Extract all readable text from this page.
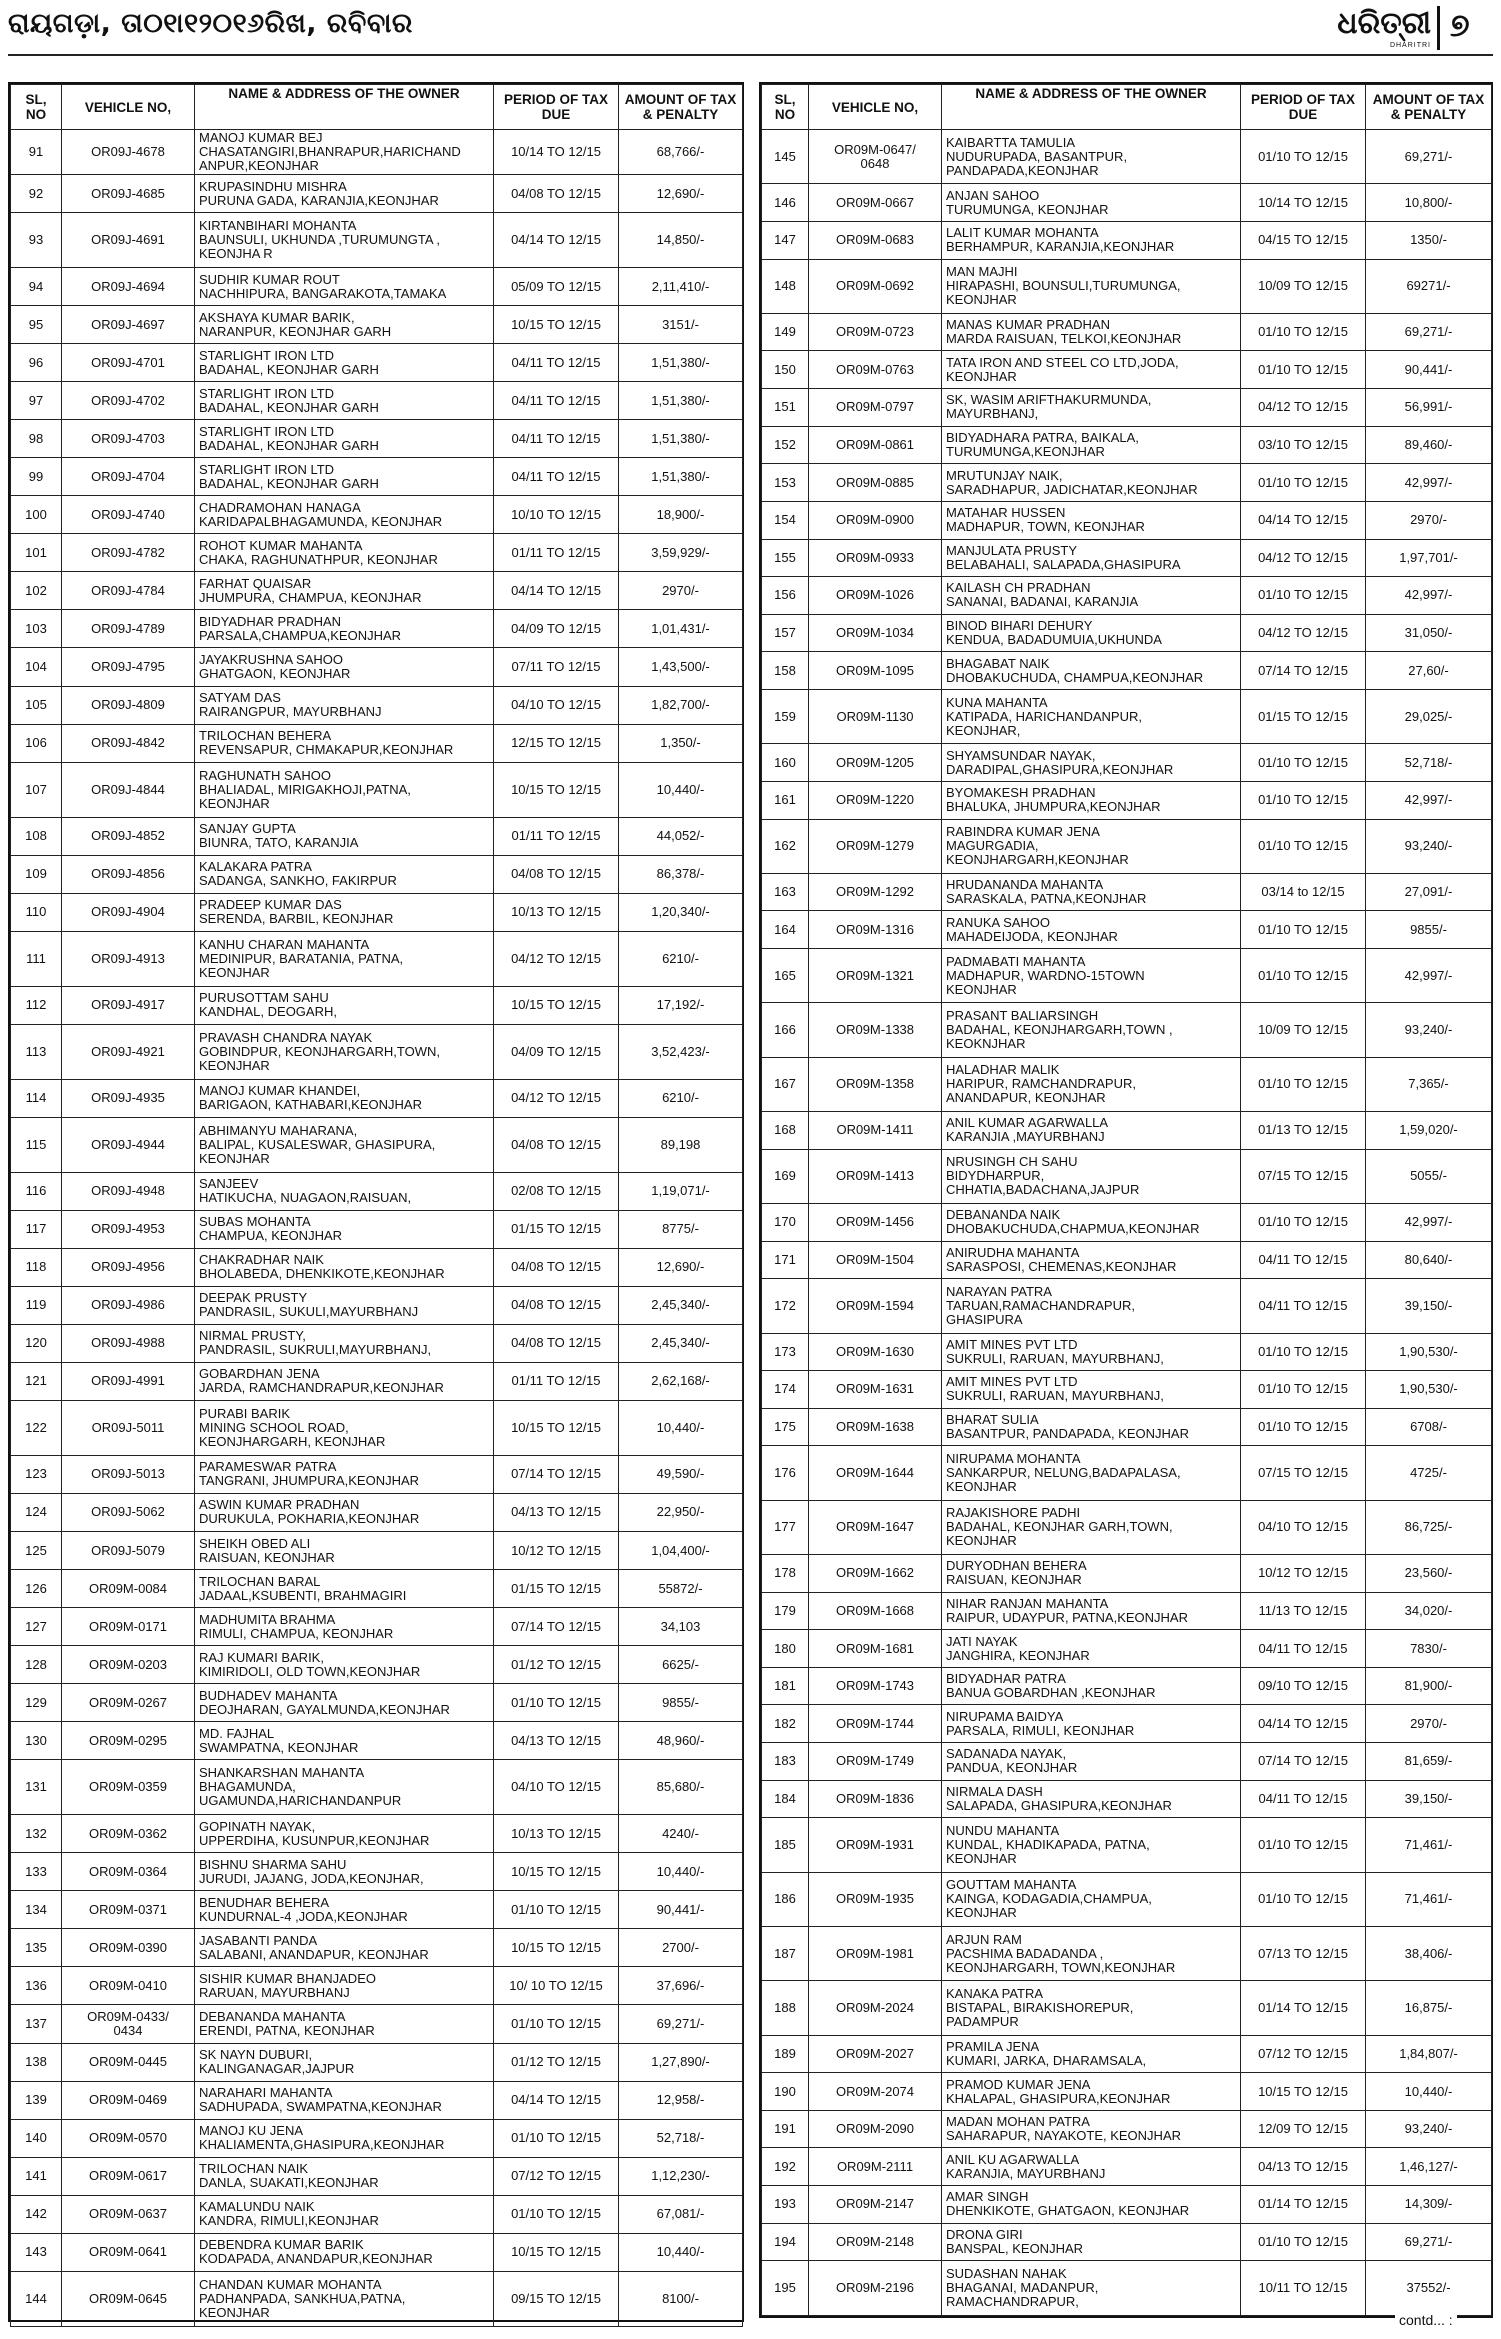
ରାୟଗଡ଼ା, ତା୦୧ା୧୨୦୧୬ରିଖ, ରବିବାର	ଧରିତ୍ରୀ
DHARITRI
୭
SL, NO	VEHICLE NO,	NAME & ADDRESS OF THE OWNER	PERIOD OF TAX DUE	AMOUNT OF TAX & PENALTY
91	OR09J-4678	MANOJ KUMAR BEJ
CHASATANGIRI,BHANRAPUR,HARICHAND ANPUR,KEONJHAR	10/14 TO 12/15	68,766/-
92	OR09J-4685	KRUPASINDHU MISHRA
PURUNA GADA, KARANJIA,KEONJHAR	04/08 TO 12/15	12,690/-
93	OR09J-4691	KIRTANBIHARI MOHANTA
BAUNSULI, UKHUNDA ,TURUMUNGTA ,
KEONJHA R	04/14 TO 12/15	14,850/-
94	OR09J-4694	SUDHIR KUMAR ROUT
NACHHIPURA, BANGARAKOTA,TAMAKA	05/09 TO 12/15	2,11,410/-
95	OR09J-4697	AKSHAYA KUMAR BARIK,
NARANPUR, KEONJHAR GARH	10/15 TO 12/15	3151/-
96	OR09J-4701	STARLIGHT IRON LTD
BADAHAL, KEONJHAR GARH	04/11 TO 12/15	1,51,380/-
97	OR09J-4702	STARLIGHT IRON LTD
BADAHAL, KEONJHAR GARH	04/11 TO 12/15	1,51,380/-
98	OR09J-4703	STARLIGHT IRON LTD
BADAHAL, KEONJHAR GARH	04/11 TO 12/15	1,51,380/-
99	OR09J-4704	STARLIGHT IRON LTD
BADAHAL, KEONJHAR GARH	04/11 TO 12/15	1,51,380/-
100	OR09J-4740	CHADRAMOHAN HANAGA
KARIDAPALBHAGAMUNDA, KEONJHAR	10/10 TO 12/15	18,900/-
101	OR09J-4782	ROHOT KUMAR MAHANTA
CHAKA, RAGHUNATHPUR, KEONJHAR	01/11 TO 12/15	3,59,929/-
102	OR09J-4784	FARHAT QUAISAR
JHUMPURA, CHAMPUA, KEONJHAR	04/14 TO 12/15	2970/-
103	OR09J-4789	BIDYADHAR PRADHAN
PARSALA,CHAMPUA,KEONJHAR	04/09 TO 12/15	1,01,431/-
104	OR09J-4795	JAYAKRUSHNA SAHOO
GHATGAON, KEONJHAR	07/11 TO 12/15	1,43,500/-
105	OR09J-4809	SATYAM DAS
RAIRANGPUR, MAYURBHANJ	04/10 TO 12/15	1,82,700/-
106	OR09J-4842	TRILOCHAN BEHERA
REVENSAPUR, CHMAKAPUR,KEONJHAR	12/15 TO 12/15	1,350/-
107	OR09J-4844	RAGHUNATH SAHOO
BHALIADAL, MIRIGAKHOJI,PATNA,
KEONJHAR	10/15 TO 12/15	10,440/-
108	OR09J-4852	SANJAY GUPTA
BIUNRA, TATO, KARANJIA	01/11 TO 12/15	44,052/-
109	OR09J-4856	KALAKARA PATRA
SADANGA, SANKHO, FAKIRPUR	04/08 TO 12/15	86,378/-
110	OR09J-4904	PRADEEP KUMAR DAS
SERENDA, BARBIL, KEONJHAR	10/13 TO 12/15	1,20,340/-
111	OR09J-4913	KANHU CHARAN MAHANTA
MEDINIPUR, BARATANIA, PATNA,
KEONJHAR	04/12 TO 12/15	6210/-
112	OR09J-4917	PURUSOTTAM SAHU
KANDHAL, DEOGARH,	10/15 TO 12/15	17,192/-
113	OR09J-4921	PRAVASH CHANDRA NAYAK
GOBINDPUR, KEONJHARGARH,TOWN,
KEONJHAR	04/09 TO 12/15	3,52,423/-
114	OR09J-4935	MANOJ KUMAR KHANDEI,
BARIGAON, KATHABARI,KEONJHAR	04/12 TO 12/15	6210/-
115	OR09J-4944	ABHIMANYU MAHARANA,
BALIPAL, KUSALESWAR, GHASIPURA,
KEONJHAR	04/08 TO 12/15	89,198
116	OR09J-4948	SANJEEV
HATIKUCHA, NUAGAON,RAISUAN,	02/08 TO 12/15	1,19,071/-
117	OR09J-4953	SUBAS MOHANTA
CHAMPUA, KEONJHAR	01/15 TO 12/15	8775/-
118	OR09J-4956	CHAKRADHAR NAIK
BHOLABEDA, DHENKIKOTE,KEONJHAR	04/08 TO 12/15	12,690/-
119	OR09J-4986	DEEPAK PRUSTY
PANDRASIL, SUKULI,MAYURBHANJ	04/08 TO 12/15	2,45,340/-
120	OR09J-4988	NIRMAL PRUSTY,
PANDRASIL, SUKRULI,MAYURBHANJ,	04/08 TO 12/15	2,45,340/-
121	OR09J-4991	GOBARDHAN JENA
JARDA, RAMCHANDRAPUR,KEONJHAR	01/11 TO 12/15	2,62,168/-
122	OR09J-5011	PURABI BARIK
MINING SCHOOL ROAD,
KEONJHARGARH, KEONJHAR	10/15 TO 12/15	10,440/-
123	OR09J-5013	PARAMESWAR PATRA
TANGRANI, JHUMPURA,KEONJHAR	07/14 TO 12/15	49,590/-
124	OR09J-5062	ASWIN KUMAR PRADHAN
DURUKULA, POKHARIA,KEONJHAR	04/13 TO 12/15	22,950/-
125	OR09J-5079	SHEIKH OBED ALI
RAISUAN, KEONJHAR	10/12 TO 12/15	1,04,400/-
126	OR09M-0084	TRILOCHAN BARAL
JADAAL,KSUBENTI, BRAHMAGIRI	01/15 TO 12/15	55872/-
127	OR09M-0171	MADHUMITA BRAHMA
RIMULI, CHAMPUA, KEONJHAR	07/14 TO 12/15	34,103
128	OR09M-0203	RAJ KUMARI BARIK,
KIMIRIDOLI, OLD TOWN,KEONJHAR	01/12 TO 12/15	6625/-
129	OR09M-0267	BUDHADEV MAHANTA
DEOJHARAN, GAYALMUNDA,KEONJHAR	01/10 TO 12/15	9855/-
130	OR09M-0295	MD. FAJHAL
SWAMPATNA, KEONJHAR	04/13 TO 12/15	48,960/-
131	OR09M-0359	SHANKARSHAN MAHANTA
BHAGAMUNDA,
UGAMUNDA,HARICHANDANPUR	04/10 TO 12/15	85,680/-
132	OR09M-0362	GOPINATH NAYAK,
UPPERDIHA, KUSUNPUR,KEONJHAR	10/13 TO 12/15	4240/-
133	OR09M-0364	BISHNU SHARMA SAHU
JURUDI, JAJANG, JODA,KEONJHAR,	10/15 TO 12/15	10,440/-
134	OR09M-0371	BENUDHAR BEHERA
KUNDURNAL-4 ,JODA,KEONJHAR	01/10 TO 12/15	90,441/-
135	OR09M-0390	JASABANTI PANDA
SALABANI, ANANDAPUR, KEONJHAR	10/15 TO 12/15	2700/-
136	OR09M-0410	SISHIR KUMAR BHANJADEO
RARUAN, MAYURBHANJ	10/ 10 TO 12/15	37,696/-
137	OR09M-0433/
0434	DEBANANDA MAHANTA
ERENDI, PATNA, KEONJHAR	01/10 TO 12/15	69,271/-
138	OR09M-0445	SK NAYN DUBURI,
KALINGANAGAR,JAJPUR	01/12 TO 12/15	1,27,890/-
139	OR09M-0469	NARAHARI MAHANTA
SADHUPADA, SWAMPATNA,KEONJHAR	04/14 TO 12/15	12,958/-
140	OR09M-0570	MANOJ KU JENA
KHALIAMENTA,GHASIPURA,KEONJHAR	01/10 TO 12/15	52,718/-
141	OR09M-0617	TRILOCHAN NAIK
DANLA, SUAKATI,KEONJHAR	07/12 TO 12/15	1,12,230/-
142	OR09M-0637	KAMALUNDU NAIK
KANDRA, RIMULI,KEONJHAR	01/10 TO 12/15	67,081/-
143	OR09M-0641	DEBENDRA KUMAR BARIK
KODAPADA, ANANDAPUR,KEONJHAR	10/15 TO 12/15	10,440/-
144	OR09M-0645	CHANDAN KUMAR MOHANTA
PADHANPADA, SANKHUA,PATNA,
KEONJHAR	09/15 TO 12/15	8100/-
SL, NO	VEHICLE NO,	NAME & ADDRESS OF THE OWNER	PERIOD OF TAX DUE	AMOUNT OF TAX & PENALTY
145	OR09M-0647/
0648	KAIBARTTA TAMULIA
NUDURUPADA, BASANTPUR,
PANDAPADA,KEONJHAR	01/10 TO 12/15	69,271/-
146	OR09M-0667	ANJAN SAHOO
TURUMUNGA, KEONJHAR	10/14 TO 12/15	10,800/-
147	OR09M-0683	LALIT KUMAR MOHANTA
BERHAMPUR, KARANJIA,KEONJHAR	04/15 TO 12/15	1350/-
148	OR09M-0692	MAN MAJHI
HIRAPASHI, BOUNSULI,TURUMUNGA,
KEONJHAR	10/09 TO 12/15	69271/-
149	OR09M-0723	MANAS KUMAR PRADHAN
MARDA RAISUAN, TELKOI,KEONJHAR	01/10 TO 12/15	69,271/-
150	OR09M-0763	TATA IRON AND STEEL CO LTD,JODA,
KEONJHAR	01/10 TO 12/15	90,441/-
151	OR09M-0797	SK, WASIM ARIFTHAKURMUNDA,
MAYURBHANJ,	04/12 TO 12/15	56,991/-
152	OR09M-0861	BIDYADHARA PATRA, BAIKALA,
TURUMUNGA,KEONJHAR	03/10 TO 12/15	89,460/-
153	OR09M-0885	MRUTUNJAY NAIK,
SARADHAPUR, JADICHATAR,KEONJHAR	01/10 TO 12/15	42,997/-
154	OR09M-0900	MATAHAR HUSSEN
MADHAPUR, TOWN, KEONJHAR	04/14 TO 12/15	2970/-
155	OR09M-0933	MANJULATA PRUSTY
BELABAHALI, SALAPADA,GHASIPURA	04/12 TO 12/15	1,97,701/-
156	OR09M-1026	KAILASH CH PRADHAN
SANANAI, BADANAI, KARANJIA	01/10 TO 12/15	42,997/-
157	OR09M-1034	BINOD BIHARI DEHURY
KENDUA, BADADUMUIA,UKHUNDA	04/12 TO 12/15	31,050/-
158	OR09M-1095	BHAGABAT NAIK
DHOBAKUCHUDA, CHAMPUA,KEONJHAR	07/14 TO 12/15	27,60/-
159	OR09M-1130	KUNA MAHANTA
KATIPADA, HARICHANDANPUR,
KEONJHAR,	01/15 TO 12/15	29,025/-
160	OR09M-1205	SHYAMSUNDAR NAYAK,
DARADIPAL,GHASIPURA,KEONJHAR	01/10 TO 12/15	52,718/-
161	OR09M-1220	BYOMAKESH PRADHAN
BHALUKA, JHUMPURA,KEONJHAR	01/10 TO 12/15	42,997/-
162	OR09M-1279	RABINDRA KUMAR JENA
MAGURGADIA,
KEONJHARGARH,KEONJHAR	01/10 TO 12/15	93,240/-
163	OR09M-1292	HRUDANANDA MAHANTA
SARASKALA, PATNA,KEONJHAR	03/14 to 12/15	27,091/-
164	OR09M-1316	RANUKA SAHOO
MAHADEIJODA, KEONJHAR	01/10 TO 12/15	9855/-
165	OR09M-1321	PADMABATI MAHANTA
MADHAPUR, WARDNO-15TOWN
KEONJHAR	01/10 TO 12/15	42,997/-
166	OR09M-1338	PRASANT BALIARSINGH
BADAHAL, KEONJHARGARH,TOWN ,
KEOKNJHAR	10/09 TO 12/15	93,240/-
167	OR09M-1358	HALADHAR MALIK
HARIPUR, RAMCHANDRAPUR,
ANANDAPUR, KEONJHAR	01/10 TO 12/15	7,365/-
168	OR09M-1411	ANIL KUMAR AGARWALLA
KARANJIA ,MAYURBHANJ	01/13 TO 12/15	1,59,020/-
169	OR09M-1413	NRUSINGH CH SAHU
BIDYDHARPUR,
CHHATIA,BADACHANA,JAJPUR	07/15 TO 12/15	5055/-
170	OR09M-1456	DEBANANDA NAIK
DHOBAKUCHUDA,CHAPMUA,KEONJHAR	01/10 TO 12/15	42,997/-
171	OR09M-1504	ANIRUDHA MAHANTA
SARASPOSI, CHEMENAS,KEONJHAR	04/11 TO 12/15	80,640/-
172	OR09M-1594	NARAYAN PATRA
TARUAN,RAMACHANDRAPUR,
GHASIPURA	04/11 TO 12/15	39,150/-
173	OR09M-1630	AMIT MINES PVT LTD
SUKRULI, RARUAN, MAYURBHANJ,	01/10 TO 12/15	1,90,530/-
174	OR09M-1631	AMIT MINES PVT LTD
SUKRULI, RARUAN, MAYURBHANJ,	01/10 TO 12/15	1,90,530/-
175	OR09M-1638	BHARAT SULIA
BASANTPUR, PANDAPADA, KEONJHAR	01/10 TO 12/15	6708/-
176	OR09M-1644	NIRUPAMA MOHANTA
SANKARPUR, NELUNG,BADAPALASA,
KEONJHAR	07/15 TO 12/15	4725/-
177	OR09M-1647	RAJAKISHORE PADHI
BADAHAL, KEONJHAR GARH,TOWN,
KEONJHAR	04/10 TO 12/15	86,725/-
178	OR09M-1662	DURYODHAN BEHERA
RAISUAN, KEONJHAR	10/12 TO 12/15	23,560/-
179	OR09M-1668	NIHAR RANJAN MAHANTA
RAIPUR, UDAYPUR, PATNA,KEONJHAR	11/13 TO 12/15	34,020/-
180	OR09M-1681	JATI NAYAK
JANGHIRA, KEONJHAR	04/11 TO 12/15	7830/-
181	OR09M-1743	BIDYADHAR PATRA
BANUA GOBARDHAN ,KEONJHAR	09/10 TO 12/15	81,900/-
182	OR09M-1744	NIRUPAMA BAIDYA
PARSALA, RIMULI, KEONJHAR	04/14 TO 12/15	2970/-
183	OR09M-1749	SADANADA NAYAK,
PANDUA, KEONJHAR	07/14 TO 12/15	81,659/-
184	OR09M-1836	NIRMALA DASH
SALAPADA, GHASIPURA,KEONJHAR	04/11 TO 12/15	39,150/-
185	OR09M-1931	NUNDU MAHANTA
KUNDAL, KHADIKAPADA, PATNA,
KEONJHAR	01/10 TO 12/15	71,461/-
186	OR09M-1935	GOUTTAM MAHANTA
KAINGA, KODAGADIA,CHAMPUA,
KEONJHAR	01/10 TO 12/15	71,461/-
187	OR09M-1981	ARJUN RAM
PACSHIMA BADADANDA ,
KEONJHARGARH, TOWN,KEONJHAR	07/13 TO 12/15	38,406/-
188	OR09M-2024	KANAKA PATRA
BISTAPAL, BIRAKISHOREPUR,
PADAMPUR	01/14 TO 12/15	16,875/-
189	OR09M-2027	PRAMILA JENA
KUMARI, JARKA, DHARAMSALA,	07/12 TO 12/15	1,84,807/-
190	OR09M-2074	PRAMOD KUMAR JENA
KHALAPAL, GHASIPURA,KEONJHAR	10/15 TO 12/15	10,440/-
191	OR09M-2090	MADAN MOHAN PATRA
SAHARAPUR, NAYAKOTE, KEONJHAR	12/09 TO 12/15	93,240/-
192	OR09M-2111	ANIL KU AGARWALLA
KARANJIA, MAYURBHANJ	04/13 TO 12/15	1,46,127/-
193	OR09M-2147	AMAR SINGH
DHENKIKOTE, GHATGAON, KEONJHAR	01/14 TO 12/15	14,309/-
194	OR09M-2148	DRONA GIRI
BANSPAL, KEONJHAR	01/10 TO 12/15	69,271/-
195	OR09M-2196	SUDASHAN NAHAK
BHAGANAI, MADANPUR,
RAMACHANDRAPUR,	10/11 TO 12/15	37552/-
contd... :
